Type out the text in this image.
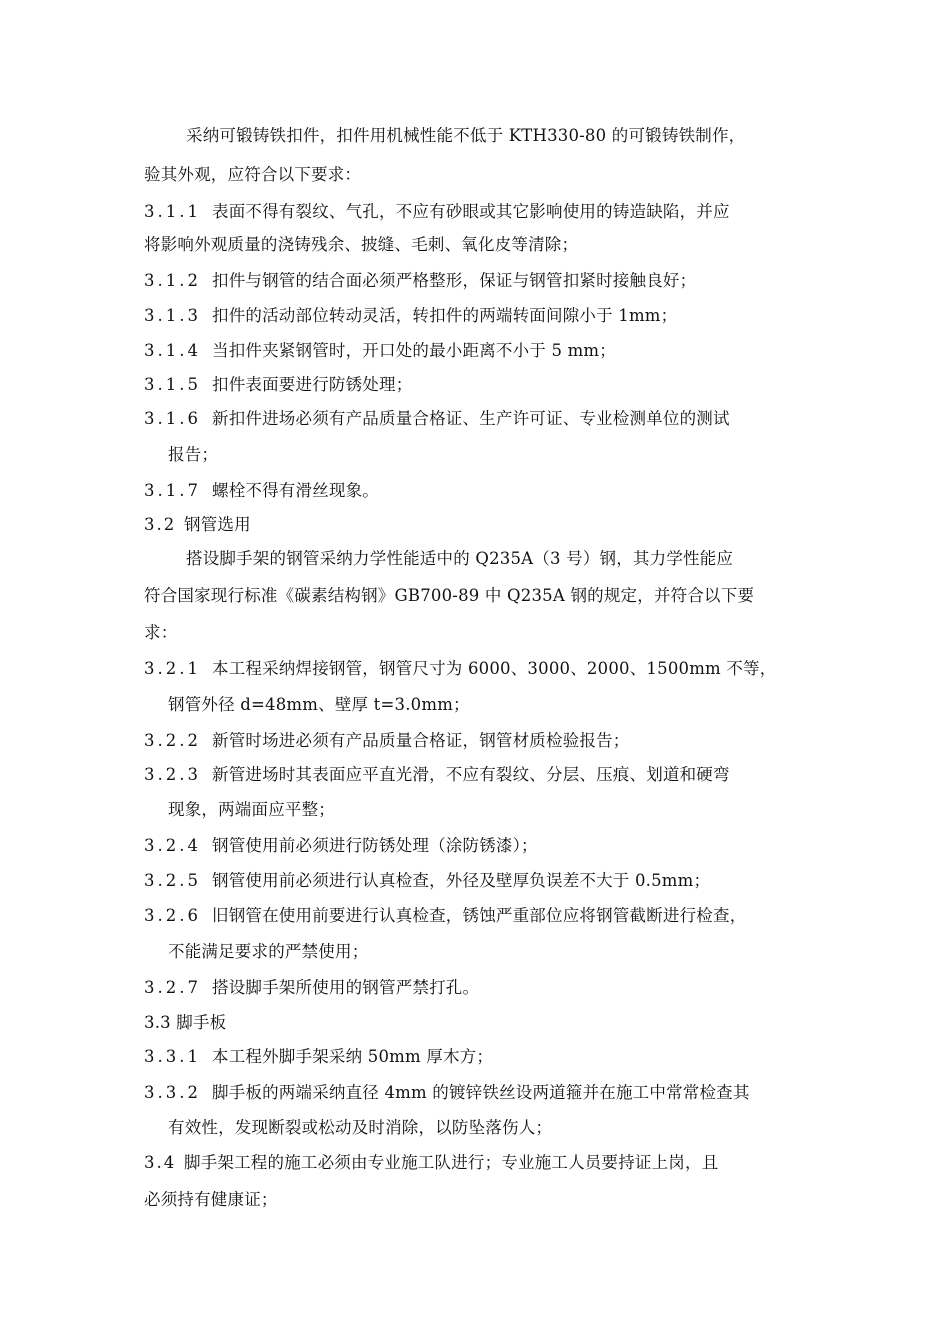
采纳可锻铸铁扣件，扣件用机械性能不低于 KTH330-80 的可锻铸铁制作，
验其外观，应符合以下要求：
3.1.1 表面不得有裂纹、气孔，不应有砂眼或其它影响使用的铸造缺陷，并应
将影响外观质量的浇铸残余、披缝、毛刺、氧化皮等清除；
3.1.2 扣件与钢管的结合面必须严格整形，保证与钢管扣紧时接触良好；
3.1.3 扣件的活动部位转动灵活，转扣件的两端转面间隙小于 1mm；
3.1.4 当扣件夹紧钢管时，开口处的最小距离不小于 5 mm；
3.1.5 扣件表面要进行防锈处理；
3.1.6 新扣件进场必须有产品质量合格证、生产许可证、专业检测单位的测试
报告；
3.1.7 螺栓不得有滑丝现象。
3.2 钢管选用
搭设脚手架的钢管采纳力学性能适中的 Q235A（3 号）钢，其力学性能应
符合国家现行标准《碳素结构钢》GB700-89 中 Q235A 钢的规定，并符合以下要
求：
3.2.1 本工程采纳焊接钢管，钢管尺寸为 6000、3000、2000、1500mm 不等，
钢管外径 d=48mm、壁厚 t=3.0mm；
3.2.2 新管时场进必须有产品质量合格证，钢管材质检验报告；
3.2.3 新管进场时其表面应平直光滑，不应有裂纹、分层、压痕、划道和硬弯
现象，两端面应平整；
3.2.4 钢管使用前必须进行防锈处理（涂防锈漆）；
3.2.5 钢管使用前必须进行认真检查，外径及壁厚负误差不大于 0.5mm；
3.2.6 旧钢管在使用前要进行认真检查，锈蚀严重部位应将钢管截断进行检查，
不能满足要求的严禁使用；
3.2.7 搭设脚手架所使用的钢管严禁打孔。
3.3 脚手板
3.3.1 本工程外脚手架采纳 50mm 厚木方；
3.3.2 脚手板的两端采纳直径 4mm 的镀锌铁丝设两道箍并在施工中常常检查其
有效性，发现断裂或松动及时消除，以防坠落伤人；
3.4 脚手架工程的施工必须由专业施工队进行；专业施工人员要持证上岗，且
必须持有健康证；
